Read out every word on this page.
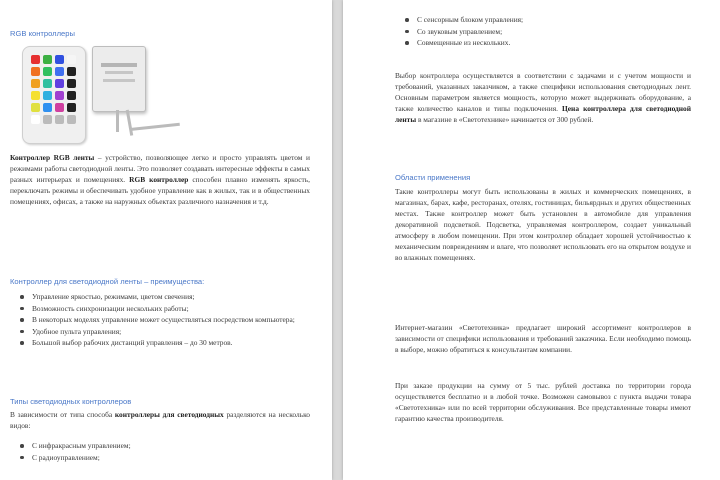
RGB контроллеры

Контроллер RGB ленты – устройство, позволяющее легко и просто управлять цветом и режимами работы светодиодной ленты. Это позволяет создавать интересные эффекты в самых разных интерьерах и помещениях. RGB контроллер способен плавно изменять яркость, переключать режимы и обеспечивать удобное управление как в жилых, так и в общественных помещениях, офисах, а также на наружных объектах различного назначения и т.д.

Контроллер для светодиодной ленты – преимущества:

Управление яркостью, режимами, цветом свечения;
Возможность синхронизации нескольких работы;
В некоторых моделях управление может осуществляться посредством компьютера;
Удобное пульта управления;
Большой выбор рабочих дистанций управления – до 30 метров.

Типы светодиодных контроллеров

В зависимости от типа способа контроллеры для светодиодных разделяются на несколько видов:

С инфракрасным управлением;
С радиоуправлением;
С сенсорным блоком управления;
Со звуковым управлением;
Совмещенные из нескольких.

Выбор контроллера осуществляется в соответствии с задачами и с учетом мощности и требований, указанных заказчиком, а также специфики использования светодиодных лент. Основным параметром является мощность, которую может выдерживать оборудование, а также количество каналов и типы подключения. Цена контроллера для светодиодной ленты в магазине в «Светотехнике» начинается от 300 рублей.

Области применения

Такие контроллеры могут быть использованы в жилых и коммерческих помещениях, в магазинах, барах, кафе, ресторанах, отелях, гостиницах, бильярдных и других общественных местах. Также контроллер может быть установлен в автомобиле для управления декоративной подсветкой. Подсветка, управляемая контроллером, создает уникальный атмосферу в любом помещении. При этом контроллер обладает хорошей устойчивостью к механическим повреждениям и влаге, что позволяет использовать его на открытом воздухе и во влажных помещениях.

Интернет-магазин «Светотехника» предлагает широкий ассортимент контроллеров в зависимости от специфики использования и требований заказчика. Если необходимо помощь в выборе, можно обратиться к консультантам компании.

При заказе продукции на сумму от 5 тыс. рублей доставка по территории города осуществляется бесплатно и в любой точке. Возможен самовывоз с пункта выдачи товара «Светотехника» или по всей территории обслуживания. Все представленные товары имеют гарантию качества производителя.
